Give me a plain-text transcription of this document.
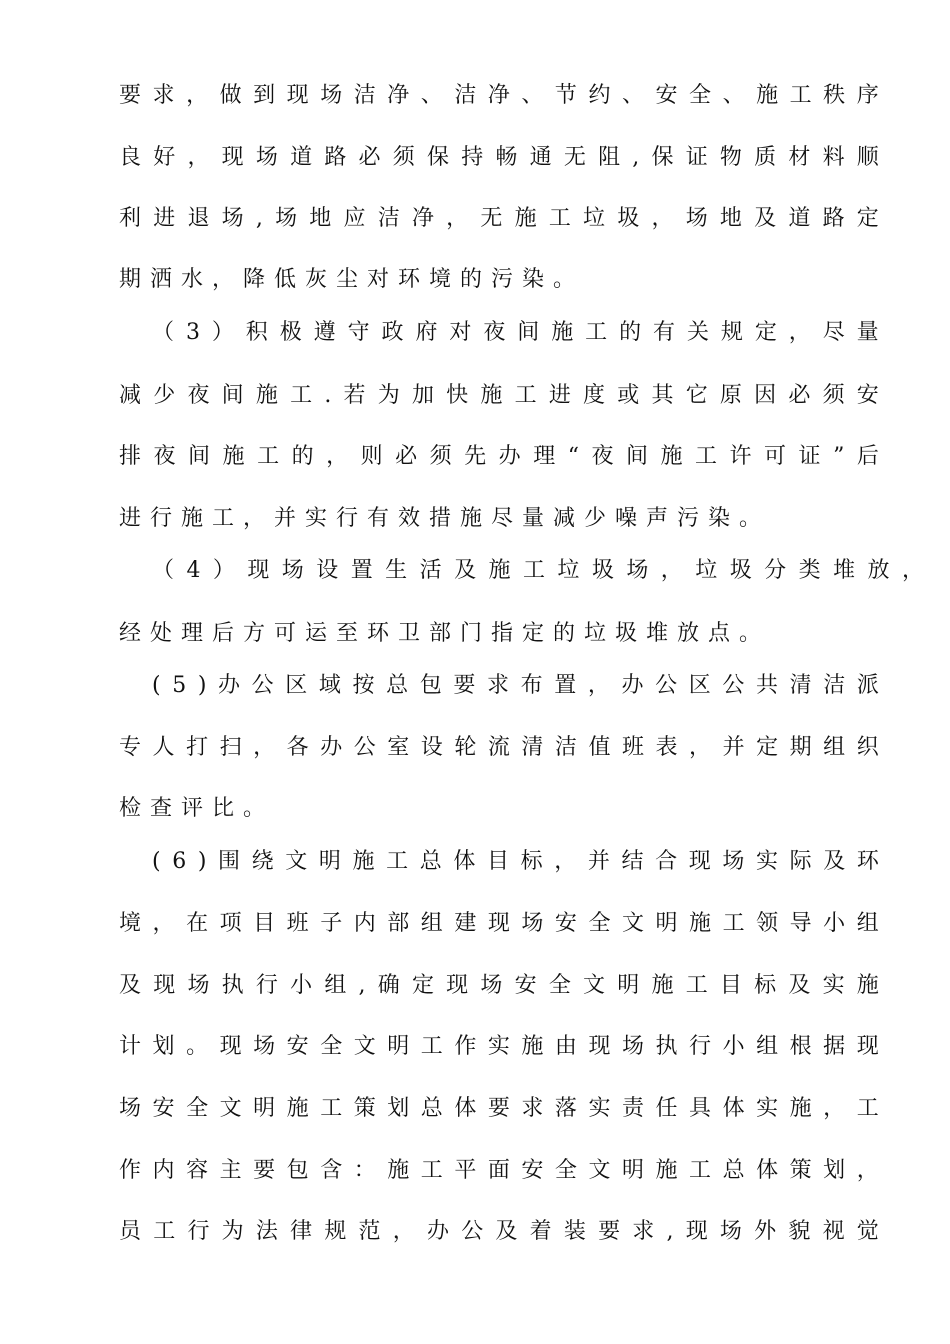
要 求 ， 做 到 现 场 洁 净 、 洁 净 、 节 约 、 安 全 、 施 工 秩 序
良 好 ， 现 场 道 路 必 须 保 持 畅 通 无 阻 , 保 证 物 质 材 料 顺
利 进 退 场 , 场 地 应 洁 净 ， 无 施 工 垃 圾 ， 场 地 及 道 路 定
期洒水，降低灰尘对环境的污染。
（ 3 ） 积 极 遵 守 政 府 对 夜 间 施 工 的 有 关 规 定 ， 尽 量
减 少 夜 间 施 工 . 若 为 加 快 施 工 进 度 或 其 它 原 因 必 须 安
排 夜 间 施 工 的 ， 则 必 须 先 办 理 “ 夜 间 施 工 许 可 证 ” 后
进行施工，并实行有效措施尽量减少噪声污染。
（ 4 ） 现 场 设 置 生 活 及 施 工 垃 圾 场 ， 垃 圾 分 类 堆 放 ，
经处理后方可运至环卫部门指定的垃圾堆放点。
( 5 ) 办 公 区 域 按 总 包 要 求 布 置 ， 办 公 区 公 共 清 洁 派
专 人 打 扫 ， 各 办 公 室 设 轮 流 清 洁 值 班 表 ， 并 定 期 组 织
检查评比。
( 6 ) 围 绕 文 明 施 工 总 体 目 标 ， 并 结 合 现 场 实 际 及 环
境 ， 在 项 目 班 子 内 部 组 建 现 场 安 全 文 明 施 工 领 导 小 组
及 现 场 执 行 小 组 , 确 定 现 场 安 全 文 明 施 工 目 标 及 实 施
计 划 。 现 场 安 全 文 明 工 作 实 施 由 现 场 执 行 小 组 根 据 现
场 安 全 文 明 施 工 策 划 总 体 要 求 落 实 责 任 具 体 实 施 ， 工
作 内 容 主 要 包 含 ： 施 工 平 面 安 全 文 明 施 工 总 体 策 划 ，
员 工 行 为 法 律 规 范 ， 办 公 及 着 装 要 求 , 现 场 外 貌 视 觉
